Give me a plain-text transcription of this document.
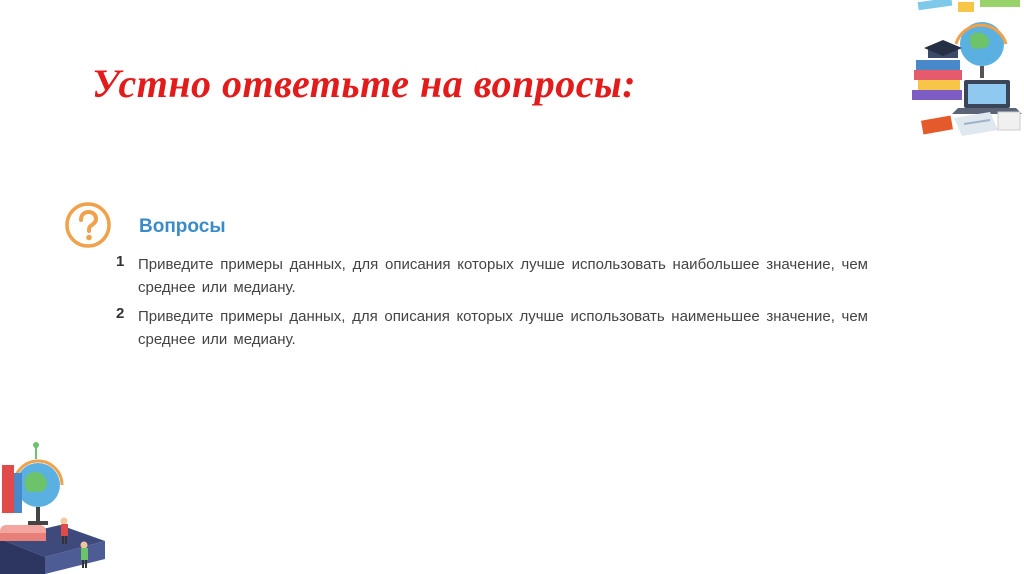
Устно ответьте на вопросы:
Вопросы
1 Приведите примеры данных, для описания которых лучше использовать наибольшее значение, чем среднее или медиану.
2 Приведите примеры данных, для описания которых лучше использовать наименьшее значение, чем среднее или медиану.
